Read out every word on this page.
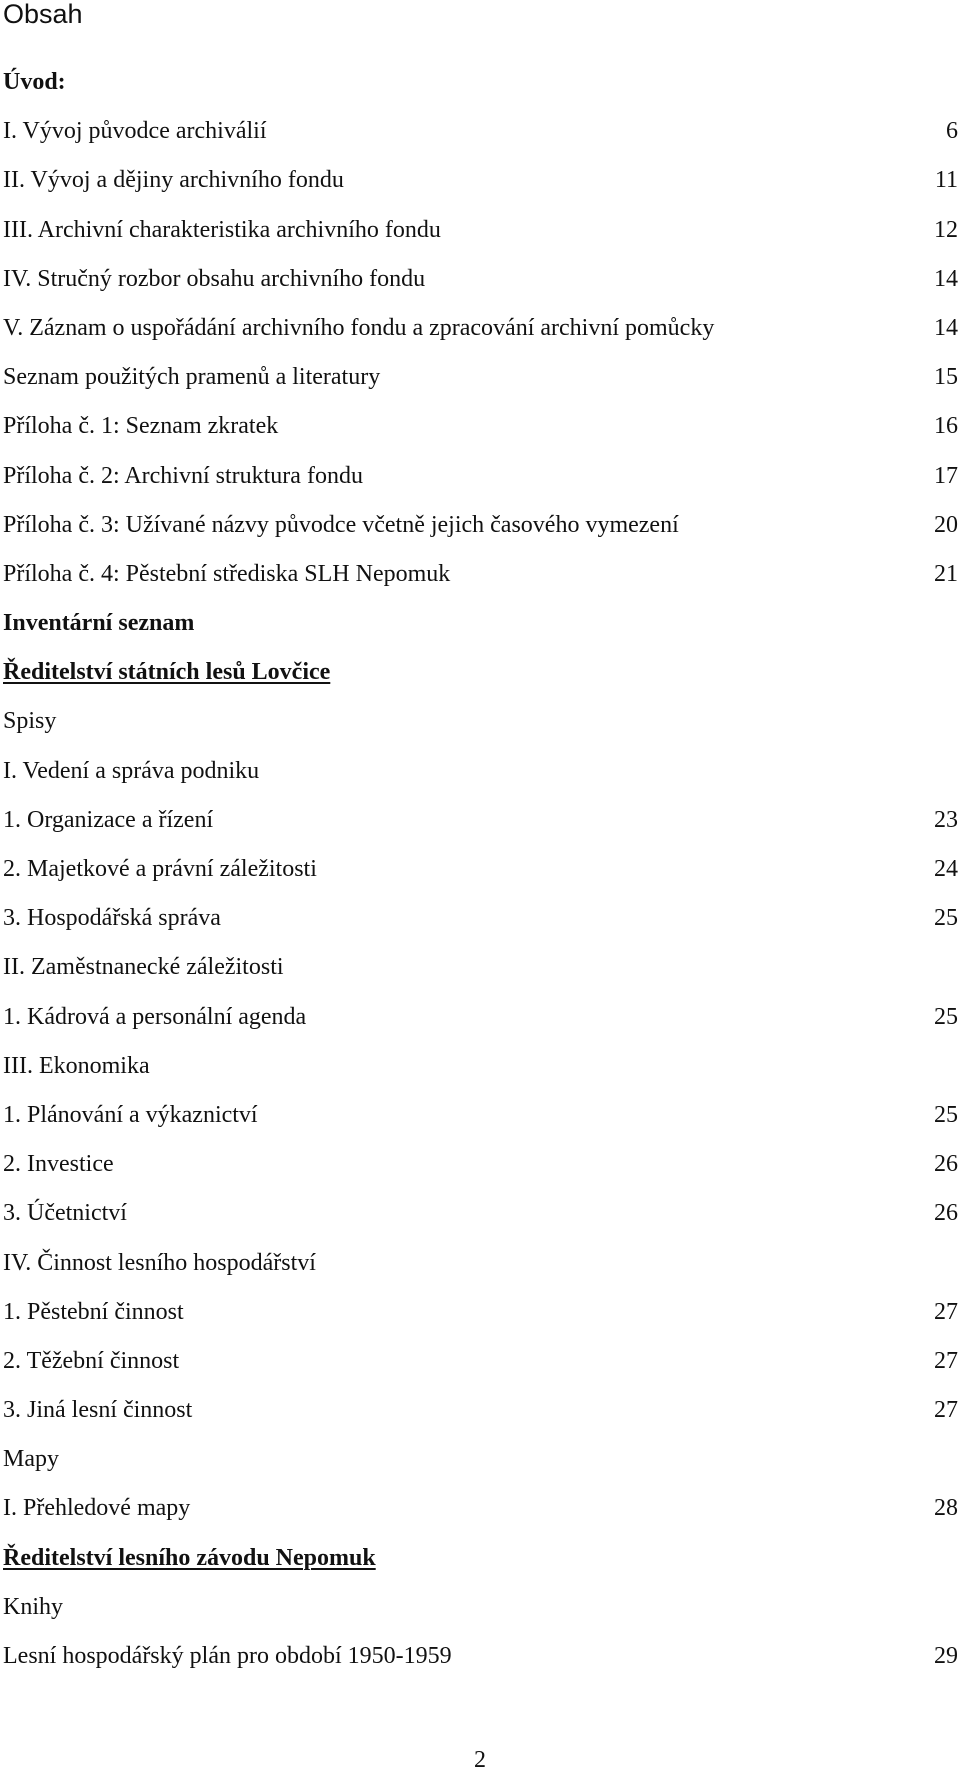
Obsah
Úvod:
I. Vývoj původce archiválií	6
II. Vývoj a dějiny archivního fondu	11
III. Archivní charakteristika archivního fondu	12
IV. Stručný rozbor obsahu archivního fondu	14
V. Záznam o uspořádání archivního fondu a zpracování archivní pomůcky	14
Seznam použitých pramenů a literatury	15
Příloha č. 1: Seznam zkratek	16
Příloha č. 2: Archivní struktura fondu	17
Příloha č. 3: Užívané názvy původce včetně jejich časového vymezení	20
Příloha č. 4: Pěstební střediska SLH Nepomuk	21
Inventární seznam
Ředitelství státních lesů Lovčice
Spisy
I. Vedení a správa podniku
1. Organizace a řízení	23
2. Majetkové a právní záležitosti	24
3. Hospodářská správa	25
II. Zaměstnanecké záležitosti
1. Kádrová a personální agenda	25
III. Ekonomika
1. Plánování a výkaznictví	25
2. Investice	26
3. Účetnictví	26
IV. Činnost lesního hospodářství
1. Pěstební činnost	27
2. Těžební činnost	27
3. Jiná lesní činnost	27
Mapy
I. Přehledové mapy	28
Ředitelství lesního závodu Nepomuk
Knihy
Lesní hospodářský plán pro období 1950-1959	29
2
